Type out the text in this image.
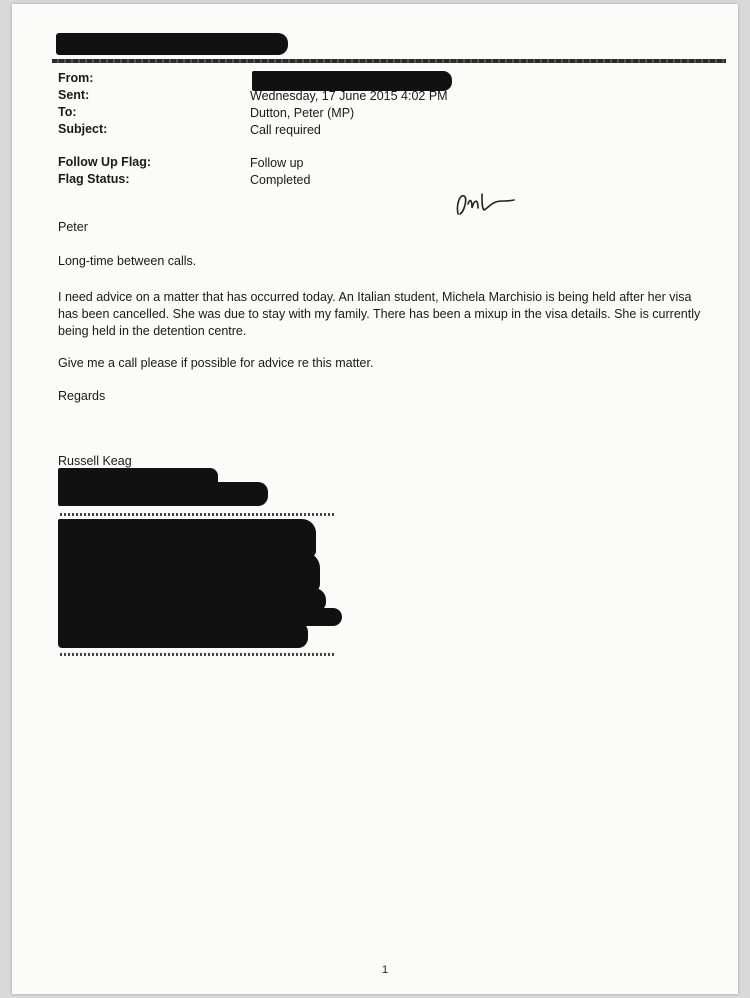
From:
Sent:
To:
Subject:
Follow Up Flag:
Flag Status:
Wednesday, 17 June 2015 4:02 PM
Dutton, Peter (MP)
Call required
Follow up
Completed
Peter
Long-time between calls.
I need advice on a matter that has occurred today. An Italian student, Michela Marchisio is being held after her visa
has been cancelled. She was due to stay with my family. There has been a mixup in the visa details. She is currently
being held in the detention centre.
Give me a call please if possible for advice re this matter.
Regards
Russell Keag
1
